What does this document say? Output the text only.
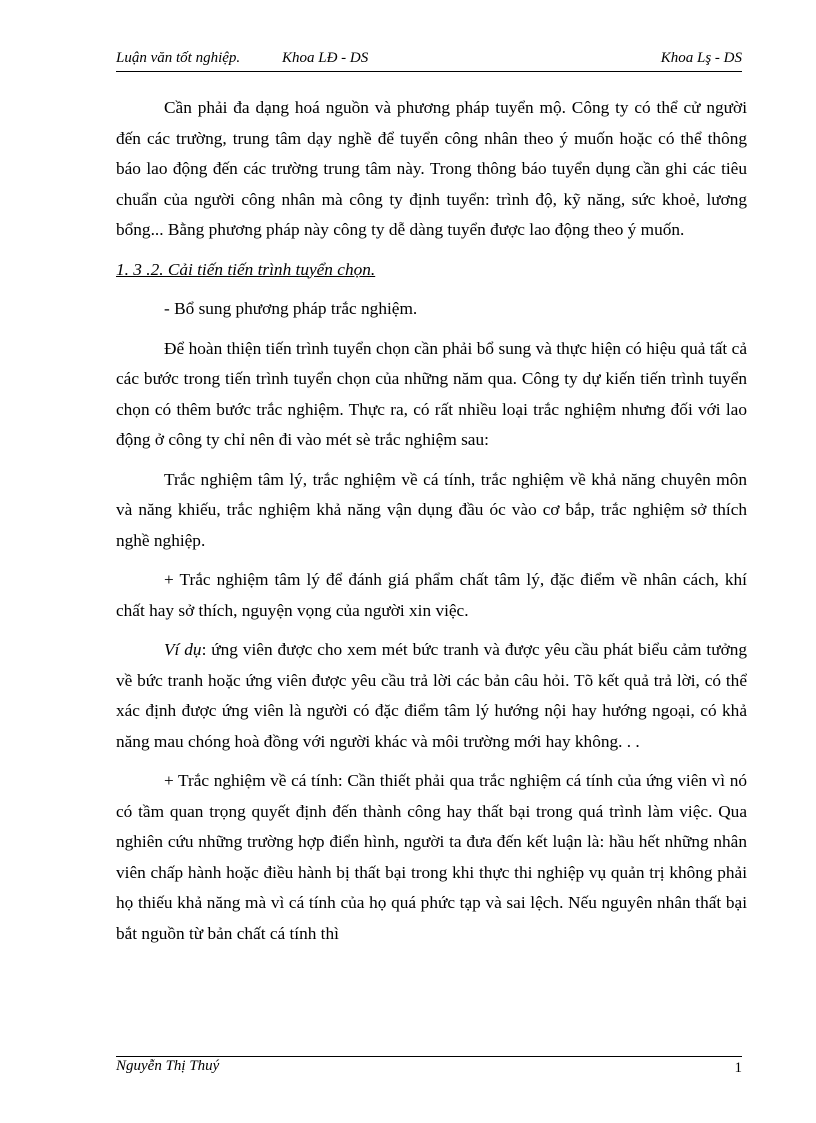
Luận văn tốt nghiệp.	Khoa LĐ - DS	Khoa Lş - DS

Cần phải đa dạng hoá nguồn và phương pháp tuyển mộ. Công ty có thể cử người đến các trường, trung tâm dạy nghề để tuyển công nhân theo ý muốn hoặc có thể thông báo lao động đến các trường trung tâm này. Trong thông báo tuyển dụng cần ghi các tiêu chuẩn của người công nhân mà công ty định tuyển: trình độ, kỹ năng, sức khoẻ, lương bổng... Bằng phương pháp này công ty dễ dàng tuyển được lao động theo ý muốn.

1. 3 .2. Cải tiến tiến trình tuyển chọn.

- Bổ sung phương pháp trắc nghiệm.

Để hoàn thiện tiến trình tuyển chọn cần phải bổ sung và thực hiện có hiệu quả tất cả các bước trong tiến trình tuyển chọn của những năm qua. Công ty dự kiến tiến trình tuyển chọn có thêm bước trắc nghiệm. Thực ra, có rất nhiều loại trắc nghiệm nhưng đối với lao động ở công ty chỉ nên đi vào mét sè trắc nghiệm sau:

Trắc nghiệm tâm lý, trắc nghiệm về cá tính, trắc nghiệm về khả năng chuyên môn và năng khiếu, trắc nghiệm khả năng vận dụng đầu óc vào cơ bắp, trắc nghiệm sở thích nghề nghiệp.

+ Trắc nghiệm tâm lý để đánh giá phẩm chất tâm lý, đặc điểm về nhân cách, khí chất hay sở thích, nguyện vọng của người xin việc.

Ví dụ: ứng viên được cho xem mét bức tranh và được yêu cầu phát biểu cảm tưởng về bức tranh hoặc ứng viên được yêu cầu trả lời các bản câu hỏi. Tõ kết quả trả lời, có thể xác định được ứng viên là người có đặc điểm tâm lý hướng nội hay hướng ngoại, có khả năng mau chóng hoà đồng với người khác và môi trường mới hay không. . .

+ Trắc nghiệm về cá tính: Cần thiết phải qua trắc nghiệm cá tính của ứng viên vì nó có tầm quan trọng quyết định đến thành công hay thất bại trong quá trình làm việc. Qua nghiên cứu những trường hợp điển hình, người ta đưa đến kết luận là: hầu hết những nhân viên chấp hành hoặc điều hành bị thất bại trong khi thực thi nghiệp vụ quản trị không phải họ thiếu khả năng mà vì cá tính của họ quá phức tạp và sai lệch. Nếu nguyên nhân thất bại bắt nguồn từ bản chất cá tính thì

Nguyễn Thị Thuý	1
